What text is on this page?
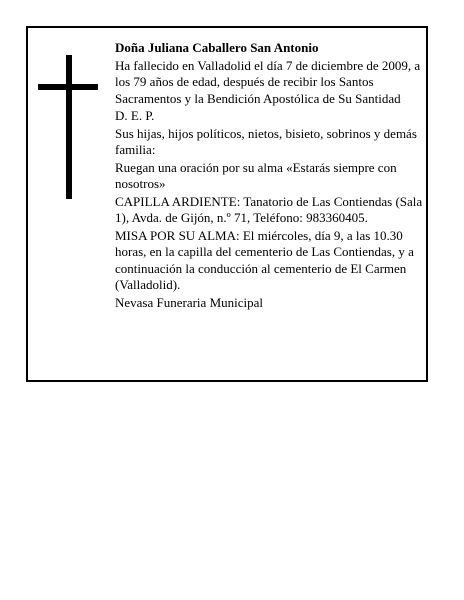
Doña Juliana Caballero San Antonio

Ha fallecido en Valladolid el día 7 de diciembre de 2009, a los 79 años de edad, después de recibir los Santos Sacramentos y la Bendición Apostólica de Su Santidad

D. E. P.

Sus hijas, hijos políticos, nietos, bisieto, sobrinos y demás familia:

Ruegan una oración por su alma «Estarás siempre con nosotros»

CAPILLA ARDIENTE: Tanatorio de Las Contiendas (Sala 1), Avda. de Gijón, n.º 71, Teléfono: 983360405.

MISA POR SU ALMA: El miércoles, día 9, a las 10.30 horas, en la capilla del cementerio de Las Contiendas, y a continuación la conducción al cementerio de El Carmen (Valladolid).

Nevasa Funeraria Municipal
